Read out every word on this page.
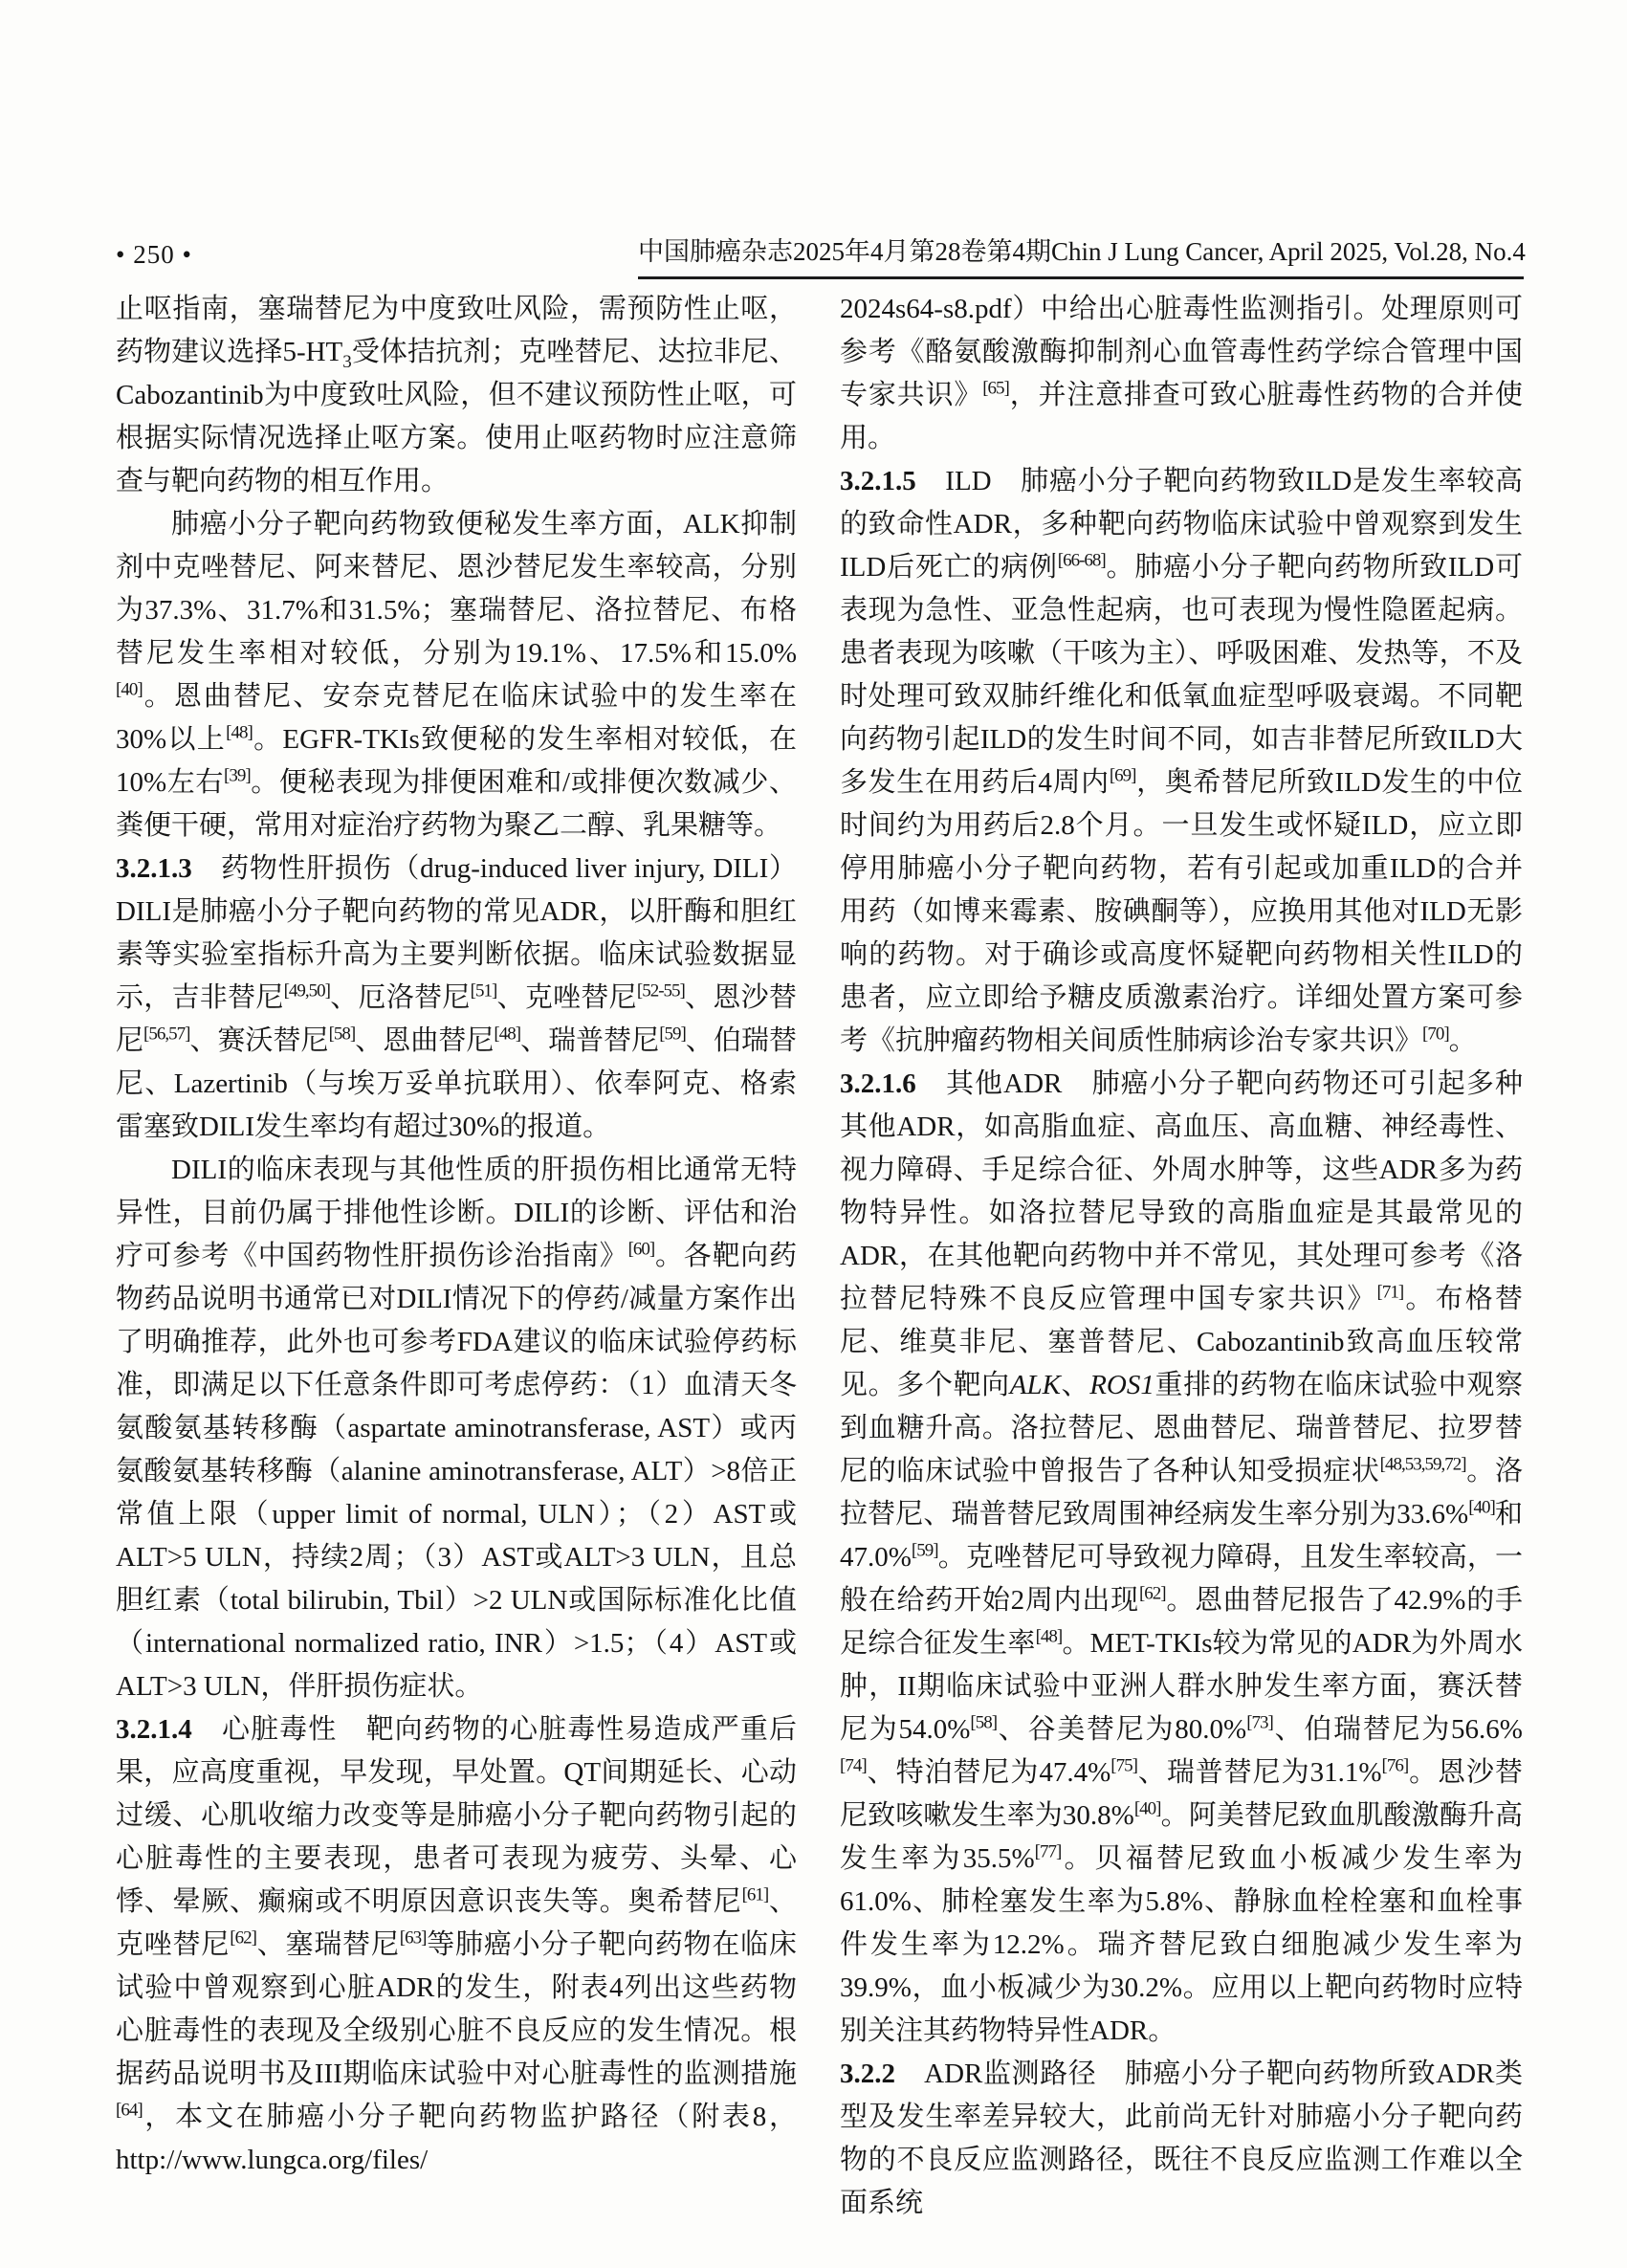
• 250 •	中国肺癌杂志2025年4月第28卷第4期 Chin J Lung Cancer, April 2025, Vol.28, No.4

止呕指南，塞瑞替尼为中度致吐风险，需预防性止呕，药物建议选择$5-HT_3$受体拮抗剂；克唑替尼、达拉非尼、Cabozantinib为中度致吐风险，但不建议预防性止呕，可根据实际情况选择止呕方案。使用止呕药物时应注意筛查与靶向药物的相互作用。

肺癌小分子靶向药物致便秘发生率方面，ALK抑制剂中克唑替尼、阿来替尼、恩沙替尼发生率较高，分别为37.3%、31.7%和31.5%；塞瑞替尼、洛拉替尼、布格替尼发生率相对较低，分别为19.1%、17.5%和15.0%[40]。恩曲替尼、安奈克替尼在临床试验中的发生率在30%以上[48]。EGFR-TKIs致便秘的发生率相对较低，在10%左右[39]。便秘表现为排便困难和/或排便次数减少、粪便干硬，常用对症治疗药物为聚乙二醇、乳果糖等。

3.2.1.3　药物性肝损伤（drug-induced liver injury, DILI）DILI是肺癌小分子靶向药物的常见ADR，以肝酶和胆红素等实验室指标升高为主要判断依据。临床试验数据显示，吉非替尼[49,50]、厄洛替尼[51]、克唑替尼[52-55]、恩沙替尼[56,57]、赛沃替尼[58]、恩曲替尼[48]、瑞普替尼[59]、伯瑞替尼、Lazertinib（与埃万妥单抗联用）、依奉阿克、格索雷塞致DILI发生率均有超过30%的报道。

DILI的临床表现与其他性质的肝损伤相比通常无特异性，目前仍属于排他性诊断。DILI的诊断、评估和治疗可参考《中国药物性肝损伤诊治指南》[60]。各靶向药物药品说明书通常已对DILI情况下的停药/减量方案作出了明确推荐，此外也可参考FDA建议的临床试验停药标准，即满足以下任意条件即可考虑停药：（1）血清天冬氨酸氨基转移酶（aspartate aminotransferase, AST）或丙氨酸氨基转移酶（alanine aminotransferase, ALT）>8倍正常值上限（upper limit of normal, ULN）；（2）AST或ALT>5 ULN，持续2周；（3）AST或ALT>3 ULN，且总胆红素（total bilirubin, Tbil）>2 ULN或国际标准化比值（international normalized ratio, INR）>1.5；（4）AST或ALT>3 ULN，伴肝损伤症状。

3.2.1.4　心脏毒性　靶向药物的心脏毒性易造成严重后果，应高度重视，早发现，早处置。QT间期延长、心动过缓、心肌收缩力改变等是肺癌小分子靶向药物引起的心脏毒性的主要表现，患者可表现为疲劳、头晕、心悸、晕厥、癫痫或不明原因意识丧失等。奥希替尼[61]、克唑替尼[62]、塞瑞替尼[63]等肺癌小分子靶向药物在临床试验中曾观察到心脏ADR的发生，附表4列出这些药物心脏毒性的表现及全级别心脏不良反应的发生情况。根据药品说明书及III期临床试验中对心脏毒性的监测措施[64]，本文在肺癌小分子靶向药物监护路径（附表8，http://www.lungca.org/files/

2024s64-s8.pdf）中给出心脏毒性监测指引。处理原则可参考《酪氨酸激酶抑制剂心血管毒性药学综合管理中国专家共识》[65]，并注意排查可致心脏毒性药物的合并使用。

3.2.1.5　ILD　肺癌小分子靶向药物致ILD是发生率较高的致命性ADR，多种靶向药物临床试验中曾观察到发生ILD后死亡的病例[66-68]。肺癌小分子靶向药物所致ILD可表现为急性、亚急性起病，也可表现为慢性隐匿起病。患者表现为咳嗽（干咳为主）、呼吸困难、发热等，不及时处理可致双肺纤维化和低氧血症型呼吸衰竭。不同靶向药物引起ILD的发生时间不同，如吉非替尼所致ILD大多发生在用药后4周内[69]，奥希替尼所致ILD发生的中位时间约为用药后2.8个月。一旦发生或怀疑ILD，应立即停用肺癌小分子靶向药物，若有引起或加重ILD的合并用药（如博来霉素、胺碘酮等），应换用其他对ILD无影响的药物。对于确诊或高度怀疑靶向药物相关性ILD的患者，应立即给予糖皮质激素治疗。详细处置方案可参考《抗肿瘤药物相关间质性肺病诊治专家共识》[70]。

3.2.1.6　其他ADR　肺癌小分子靶向药物还可引起多种其他ADR，如高脂血症、高血压、高血糖、神经毒性、视力障碍、手足综合征、外周水肿等，这些ADR多为药物特异性。如洛拉替尼导致的高脂血症是其最常见的ADR，在其他靶向药物中并不常见，其处理可参考《洛拉替尼特殊不良反应管理中国专家共识》[71]。布格替尼、维莫非尼、塞普替尼、Cabozantinib致高血压较常见。多个靶向ALK、ROS1重排的药物在临床试验中观察到血糖升高。洛拉替尼、恩曲替尼、瑞普替尼、拉罗替尼的临床试验中曾报告了各种认知受损症状[48,53,59,72]。洛拉替尼、瑞普替尼致周围神经病发生率分别为33.6%[40]和47.0%[59]。克唑替尼可导致视力障碍，且发生率较高，一般在给药开始2周内出现[62]。恩曲替尼报告了42.9%的手足综合征发生率[48]。MET-TKIs较为常见的ADR为外周水肿，II期临床试验中亚洲人群水肿发生率方面，赛沃替尼为54.0%[58]、谷美替尼为80.0%[73]、伯瑞替尼为56.6%[74]、特泊替尼为47.4%[75]、瑞普替尼为31.1%[76]。恩沙替尼致咳嗽发生率为30.8%[40]。阿美替尼致血肌酸激酶升高发生率为35.5%[77]。贝福替尼致血小板减少发生率为61.0%、肺栓塞发生率为5.8%、静脉血栓栓塞和血栓事件发生率为12.2%。瑞齐替尼致白细胞减少发生率为39.9%，血小板减少为30.2%。应用以上靶向药物时应特别关注其药物特异性ADR。

3.2.2　ADR监测路径　肺癌小分子靶向药物所致ADR类型及发生率差异较大，此前尚无针对肺癌小分子靶向药物的不良反应监测路径，既往不良反应监测工作难以全面系统
